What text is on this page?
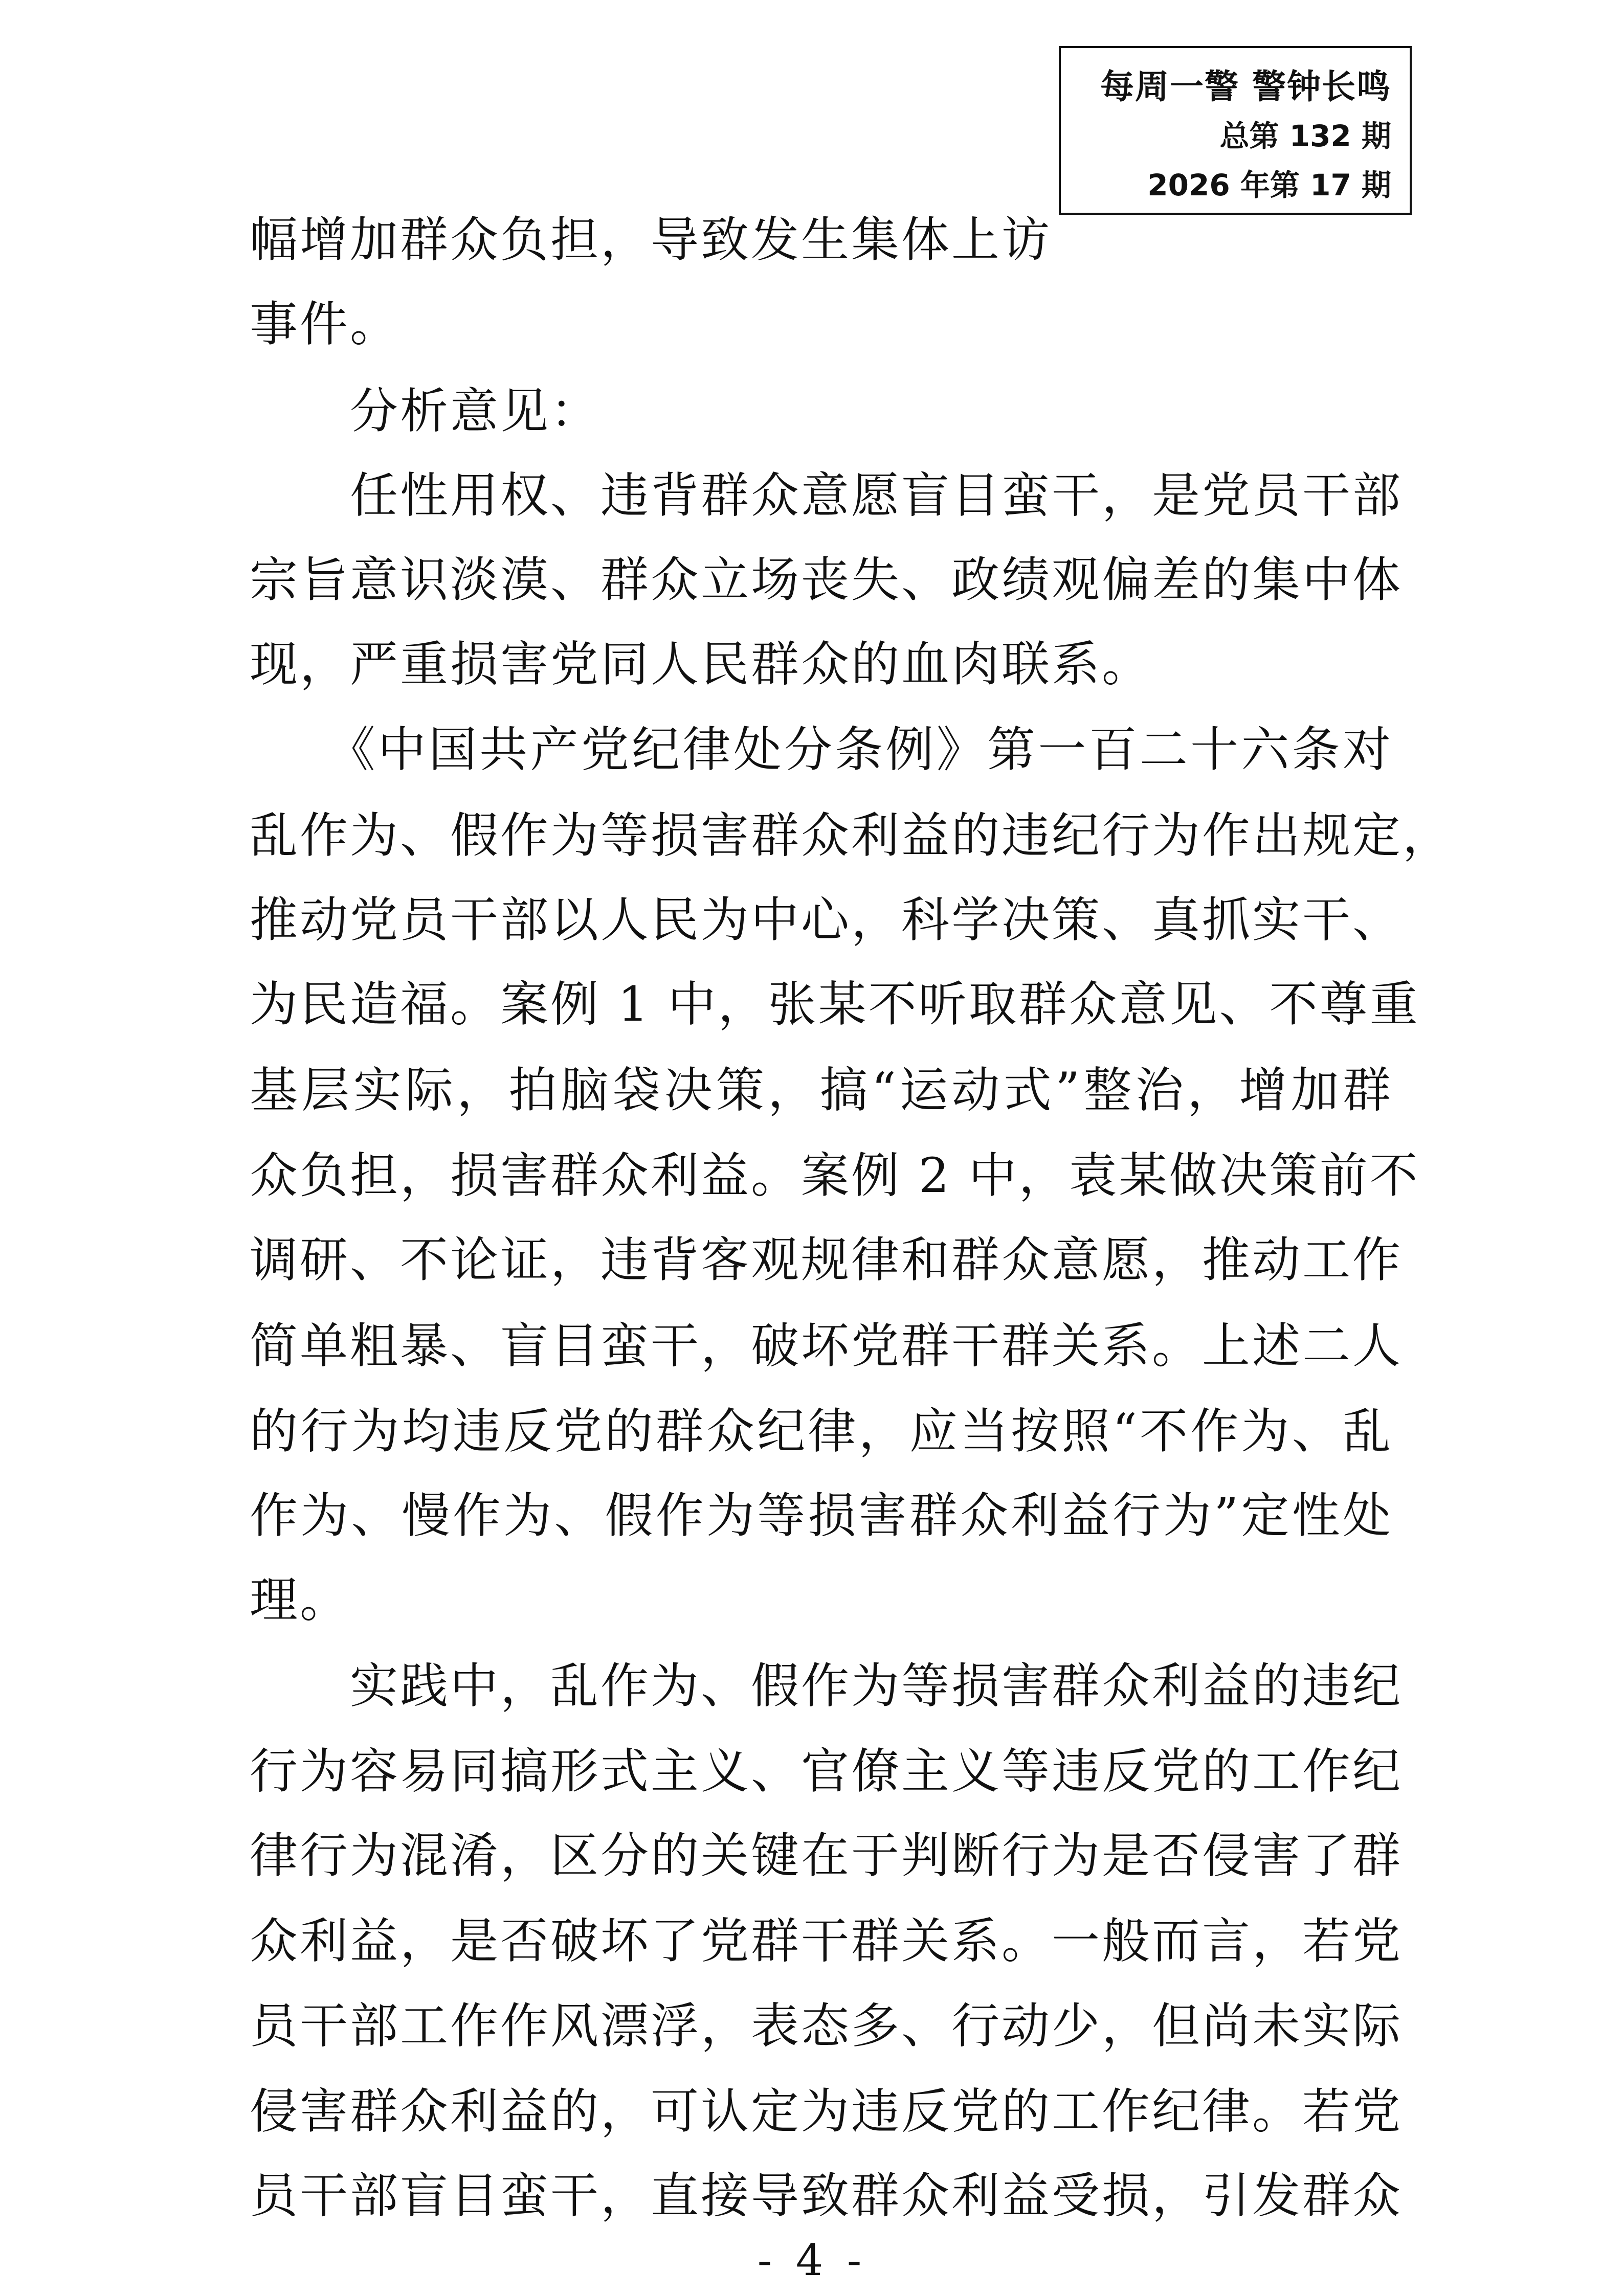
每周一警 警钟长鸣
总第 132 期
2026 年第 17 期
幅增加群众负担，导致发生集体上访
事件。
　　分析意见：
　　任性用权、违背群众意愿盲目蛮干，是党员干部
宗旨意识淡漠、群众立场丧失、政绩观偏差的集中体
现，严重损害党同人民群众的血肉联系。
　　《中国共产党纪律处分条例》第一百二十六条对
乱作为、假作为等损害群众利益的违纪行为作出规定，
推动党员干部以人民为中心，科学决策、真抓实干、
为民造福。案例 1 中，张某不听取群众意见、不尊重
基层实际，拍脑袋决策，搞“运动式”整治，增加群
众负担，损害群众利益。案例 2 中，袁某做决策前不
调研、不论证，违背客观规律和群众意愿，推动工作
简单粗暴、盲目蛮干，破坏党群干群关系。上述二人
的行为均违反党的群众纪律，应当按照“不作为、乱
作为、慢作为、假作为等损害群众利益行为”定性处
理。
　　实践中，乱作为、假作为等损害群众利益的违纪
行为容易同搞形式主义、官僚主义等违反党的工作纪
律行为混淆，区分的关键在于判断行为是否侵害了群
众利益，是否破坏了党群干群关系。一般而言，若党
员干部工作作风漂浮，表态多、行动少，但尚未实际
侵害群众利益的，可认定为违反党的工作纪律。若党
员干部盲目蛮干，直接导致群众利益受损，引发群众
- 4 -
